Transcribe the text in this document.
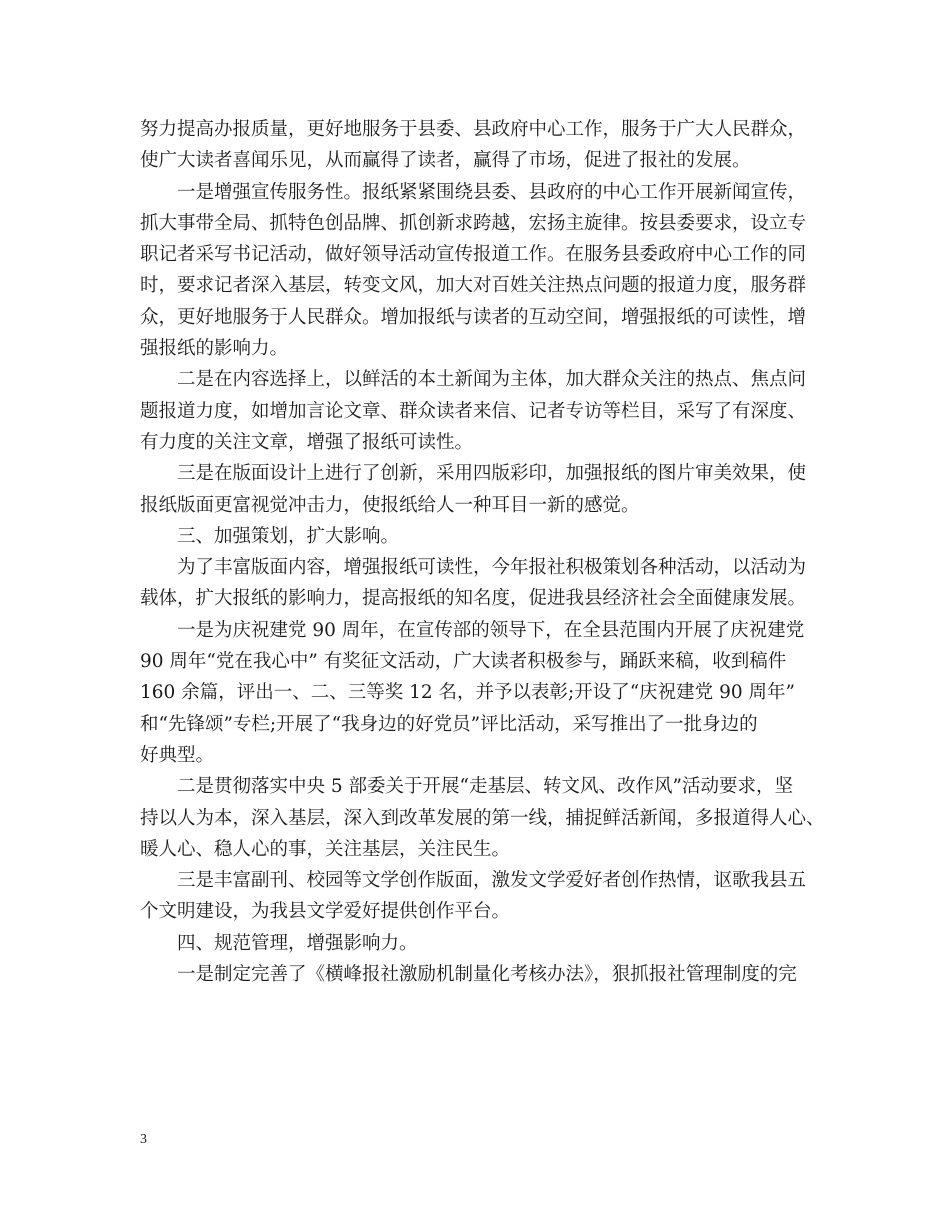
努力提高办报质量，更好地服务于县委、县政府中心工作，服务于广大人民群众，
使广大读者喜闻乐见，从而赢得了读者，赢得了市场，促进了报社的发展。
　　一是增强宣传服务性。报纸紧紧围绕县委、县政府的中心工作开展新闻宣传，
抓大事带全局、抓特色创品牌、抓创新求跨越，宏扬主旋律。按县委要求，设立专
职记者采写书记活动，做好领导活动宣传报道工作。在服务县委政府中心工作的同
时，要求记者深入基层，转变文风，加大对百姓关注热点问题的报道力度，服务群
众，更好地服务于人民群众。增加报纸与读者的互动空间，增强报纸的可读性，增
强报纸的影响力。
　　二是在内容选择上，以鲜活的本土新闻为主体，加大群众关注的热点、焦点问
题报道力度，如增加言论文章、群众读者来信、记者专访等栏目，采写了有深度、
有力度的关注文章，增强了报纸可读性。
　　三是在版面设计上进行了创新，采用四版彩印，加强报纸的图片审美效果，使
报纸版面更富视觉冲击力，使报纸给人一种耳目一新的感觉。
　　三、加强策划，扩大影响。
　　为了丰富版面内容，增强报纸可读性，今年报社积极策划各种活动，以活动为
载体，扩大报纸的影响力，提高报纸的知名度，促进我县经济社会全面健康发展。
　　一是为庆祝建党 90 周年，在宣传部的领导下，在全县范围内开展了庆祝建党
90 周年“党在我心中” 有奖征文活动，广大读者积极参与，踊跃来稿，收到稿件
160 余篇，评出一、二、三等奖 12 名，并予以表彰;开设了“庆祝建党 90 周年”
和“先锋颂”专栏;开展了“我身边的好党员”评比活动，采写推出了一批身边的
好典型。
　　二是贯彻落实中央 5 部委关于开展“走基层、转文风、改作风”活动要求，坚
持以人为本，深入基层，深入到改革发展的第一线，捕捉鲜活新闻，多报道得人心、
暖人心、稳人心的事，关注基层，关注民生。
　　三是丰富副刊、校园等文学创作版面，激发文学爱好者创作热情，讴歌我县五
个文明建设，为我县文学爱好提供创作平台。
　　四、规范管理，增强影响力。
　　一是制定完善了《横峰报社激励机制量化考核办法》，狠抓报社管理制度的完
3
